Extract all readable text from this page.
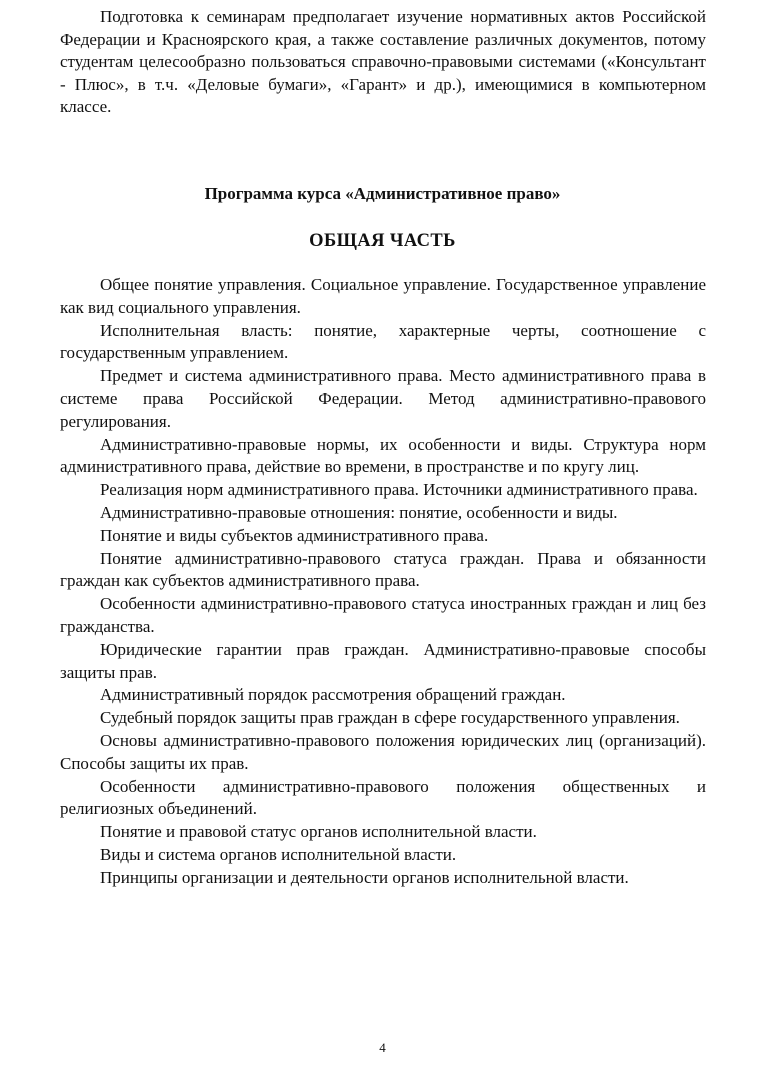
Подготовка к семинарам предполагает изучение нормативных актов Российской Федерации и Красноярского края, а также составление различных документов, потому студентам целесообразно пользоваться справочно-правовыми системами («Консультант - Плюс», в т.ч. «Деловые бумаги», «Гарант» и др.), имеющимися в компьютерном классе.

Программа курса «Административное право»
ОБЩАЯ ЧАСТЬ

Общее понятие управления. Социальное управление. Государственное управление как вид социального управления.

Исполнительная власть: понятие, характерные черты, соотношение с государственным управлением.

Предмет и система административного права. Место административного права в системе права Российской Федерации. Метод административно-правового регулирования.

Административно-правовые нормы, их особенности и виды. Структура норм административного права, действие во времени, в пространстве и по кругу лиц.

Реализация норм административного права. Источники административного права.

Административно-правовые отношения: понятие, особенности и виды.

Понятие и виды субъектов административного права.

Понятие административно-правового статуса граждан. Права и обязанности граждан как субъектов административного права.

Особенности административно-правового статуса иностранных граждан и лиц без гражданства.

Юридические гарантии прав граждан. Административно-правовые способы защиты прав.

Административный порядок рассмотрения обращений граждан.

Судебный порядок защиты прав граждан в сфере государственного управления.

Основы административно-правового положения юридических лиц (организаций). Способы защиты их прав.

Особенности административно-правового положения общественных и религиозных объединений.

Понятие и правовой статус органов исполнительной власти.

Виды и система органов исполнительной власти.

Принципы организации и деятельности органов исполнительной власти.

4
